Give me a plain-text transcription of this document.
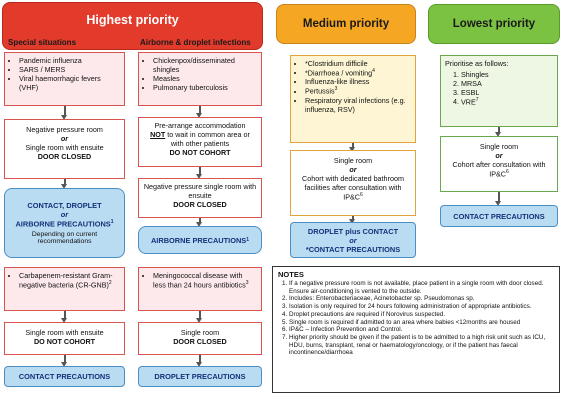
Highest priority
Special situations	Airborne & droplet infections
• Pandemic influenza
• SARS / MERS
• Viral haemorrhagic fevers (VHF)
Negative pressure room
or
Single room with ensuite
DOOR CLOSED
CONTACT, DROPLET
or
AIRBORNE PRECAUTIONS$^1$
Depending on current recommendations
• Chickenpox/disseminated shingles
• Measles
• Pulmonary tuberculosis
Pre-arrange accommodation
NOT to wait in common area or with other patients
DO NOT COHORT
Negative pressure single room with ensuite
DOOR CLOSED
AIRBORNE PRECAUTIONS 1
• Carbapenem-resistant Gram-negative bacteria $(CR-GNB)^2$
Single room with ensuite
DO NOT COHORT
CONTACT PRECAUTIONS
• Meningococcal disease with less than 24 hours antibiotics$^3$
Single room
DOOR CLOSED
DROPLET PRECAUTIONS
Medium priority
• *Clostridium difficile
• *Diarrhoea / vomiting$^4$
• Influenza-like illness
• Pertussis$^3$
• Respiratory viral infections (e.g. influenza, RSV)
Single room
or
Cohort with dedicated bathroom facilities after consultation with $IP\&C^6$
DROPLET plus CONTACT
or
*CONTACT PRECAUTIONS
Lowest priority
Prioritise as follows:
1. Shingles
2. MRSA
3. ESBL
4. VRE$^7$
Single room
or
Cohort after consultation with $IP\&C^6$
CONTACT PRECAUTIONS
NOTES
1. If a negative pressure room is not available, place patient in a single room with door closed. Ensure air-conditioning is vented to the outside.
2. Includes: Enterobacteriaceae, Acinetobacter sp. Pseudomonas sp.
3. Isolation is only required for 24 hours following administration of appropriate antibiotics.
4. Droplet precautions are required if Norovirus suspected.
5. Single room is required if admitted to an area where babies <12months are housed
6. IP&C – Infection Prevention and Control.
7. Higher priority should be given if the patient is to be admitted to a high risk unit such as ICU, HDU, burns, transplant, renal or haematology/oncology, or if the patient has faecal incontinence/diarrhoea
